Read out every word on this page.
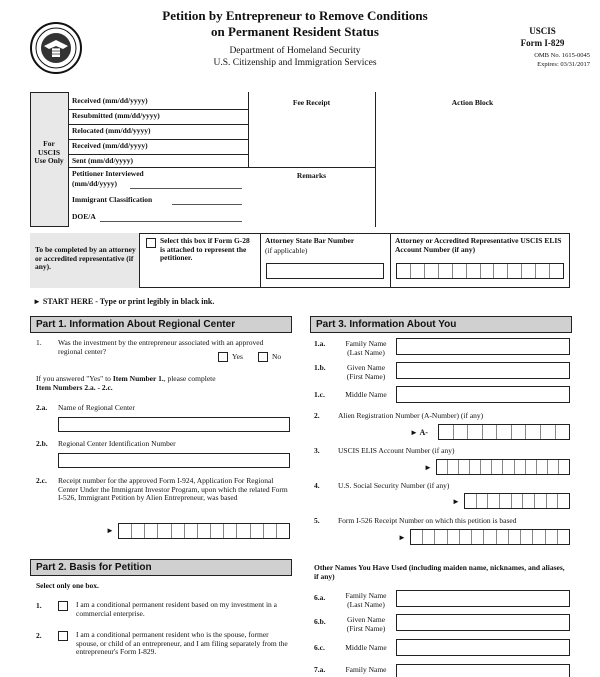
Petition by Entrepreneur to Remove Conditions
on Permanent Resident Status
Department of Homeland Security
U.S. Citizenship and Immigration Services
USCIS
Form I-829
OMB No. 1615-0045
Expires: 03/31/2017
For USCIS Use Only
Received (mm/dd/yyyy)
Resubmitted (mm/dd/yyyy)
Relocated (mm/dd/yyyy)
Received (mm/dd/yyyy)
Sent (mm/dd/yyyy)
Petitioner Interviewed
(mm/dd/yyyy)
Immigrant Classification
DOE/A
Fee Receipt	Action Block
Remarks
To be completed by an attorney or accredited representative (if any).
Select this box if Form G-28 is attached to represent the petitioner.
Attorney State Bar Number
(if applicable)
Attorney or Accredited Representative USCIS ELIS Account Number (if any)
► START HERE - Type or print legibly in black ink.
Part 1. Information About Regional Center
1. Was the investment by the entrepreneur associated with an approved regional center?
Yes	No
If you answered "Yes" to Item Number 1., please complete
Item Numbers 2.a. - 2.c.
2.a. Name of Regional Center
2.b. Regional Center Identification Number
2.c. Receipt number for the approved Form I-924, Application For Regional Center Under the Immigrant Investor Program, upon which the related Form I-526, Immigrant Petition by Alien Entrepreneur, was based
►
Part 2. Basis for Petition
Select only one box.
1.	I am a conditional permanent resident based on my investment in a commercial enterprise.
2.	I am a conditional permanent resident who is the spouse, former spouse, or child of an entrepreneur, and I am filing separately from the entrepreneur's Form I-829.
Part 3. Information About You
1.a.	Family Name (Last Name)
1.b.	Given Name (First Name)
1.c.	Middle Name
2. Alien Registration Number (A-Number) (if any)
► A-
3. USCIS ELIS Account Number (if any)
►
4. U.S. Social Security Number (if any)
►
5. Form I-526 Receipt Number on which this petition is based
►
Other Names You Have Used (including maiden name, nicknames, and aliases, if any)
6.a.	Family Name (Last Name)
6.b.	Given Name (First Name)
6.c.	Middle Name
7.a.	Family Name
